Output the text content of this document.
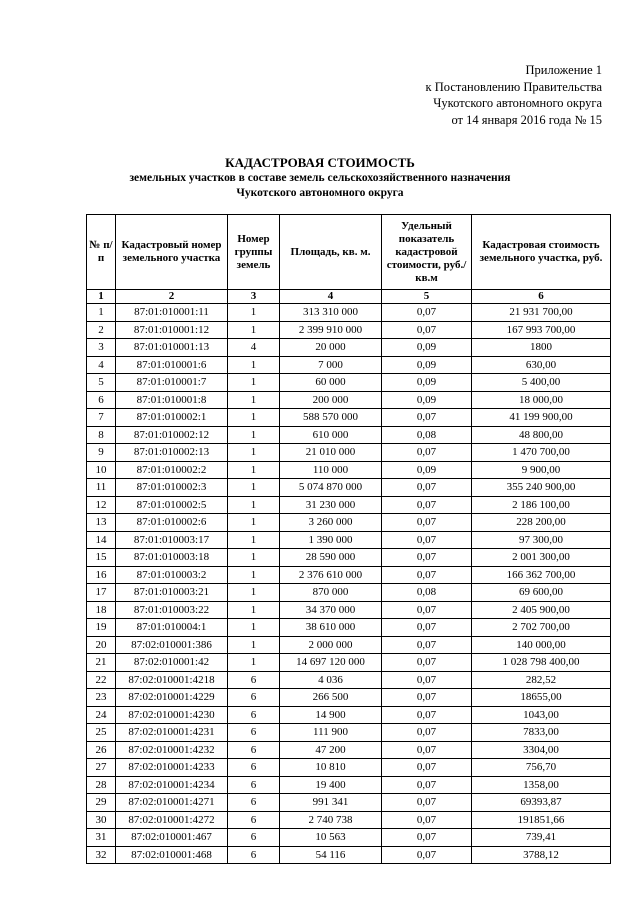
Приложение 1
к Постановлению Правительства
Чукотского автономного округа
от 14 января 2016 года № 15
КАДАСТРОВАЯ СТОИМОСТЬ
земельных участков в составе земель сельскохозяйственного назначения
Чукотского автономного округа
№ п/п	Кадастровый номер земельного участка	Номер группы земель	Площадь, кв. м.	Удельный показатель кадастровой стоимости, руб./кв.м	Кадастровая стоимость земельного участка, руб.
1	2	3	4	5	6
1	87:01:010001:11	1	313 310 000	0,07	21 931 700,00
2	87:01:010001:12	1	2 399 910 000	0,07	167 993 700,00
3	87:01:010001:13	4	20 000	0,09	1800
4	87:01:010001:6	1	7 000	0,09	630,00
5	87:01:010001:7	1	60 000	0,09	5 400,00
6	87:01:010001:8	1	200 000	0,09	18 000,00
7	87:01:010002:1	1	588 570 000	0,07	41 199 900,00
8	87:01:010002:12	1	610 000	0,08	48 800,00
9	87:01:010002:13	1	21 010 000	0,07	1 470 700,00
10	87:01:010002:2	1	110 000	0,09	9 900,00
11	87:01:010002:3	1	5 074 870 000	0,07	355 240 900,00
12	87:01:010002:5	1	31 230 000	0,07	2 186 100,00
13	87:01:010002:6	1	3 260 000	0,07	228 200,00
14	87:01:010003:17	1	1 390 000	0,07	97 300,00
15	87:01:010003:18	1	28 590 000	0,07	2 001 300,00
16	87:01:010003:2	1	2 376 610 000	0,07	166 362 700,00
17	87:01:010003:21	1	870 000	0,08	69 600,00
18	87:01:010003:22	1	34 370 000	0,07	2 405 900,00
19	87:01:010004:1	1	38 610 000	0,07	2 702 700,00
20	87:02:010001:386	1	2 000 000	0,07	140 000,00
21	87:02:010001:42	1	14 697 120 000	0,07	1 028 798 400,00
22	87:02:010001:4218	6	4 036	0,07	282,52
23	87:02:010001:4229	6	266 500	0,07	18655,00
24	87:02:010001:4230	6	14 900	0,07	1043,00
25	87:02:010001:4231	6	111 900	0,07	7833,00
26	87:02:010001:4232	6	47 200	0,07	3304,00
27	87:02:010001:4233	6	10 810	0,07	756,70
28	87:02:010001:4234	6	19 400	0,07	1358,00
29	87:02:010001:4271	6	991 341	0,07	69393,87
30	87:02:010001:4272	6	2 740 738	0,07	191851,66
31	87:02:010001:467	6	10 563	0,07	739,41
32	87:02:010001:468	6	54 116	0,07	3788,12
